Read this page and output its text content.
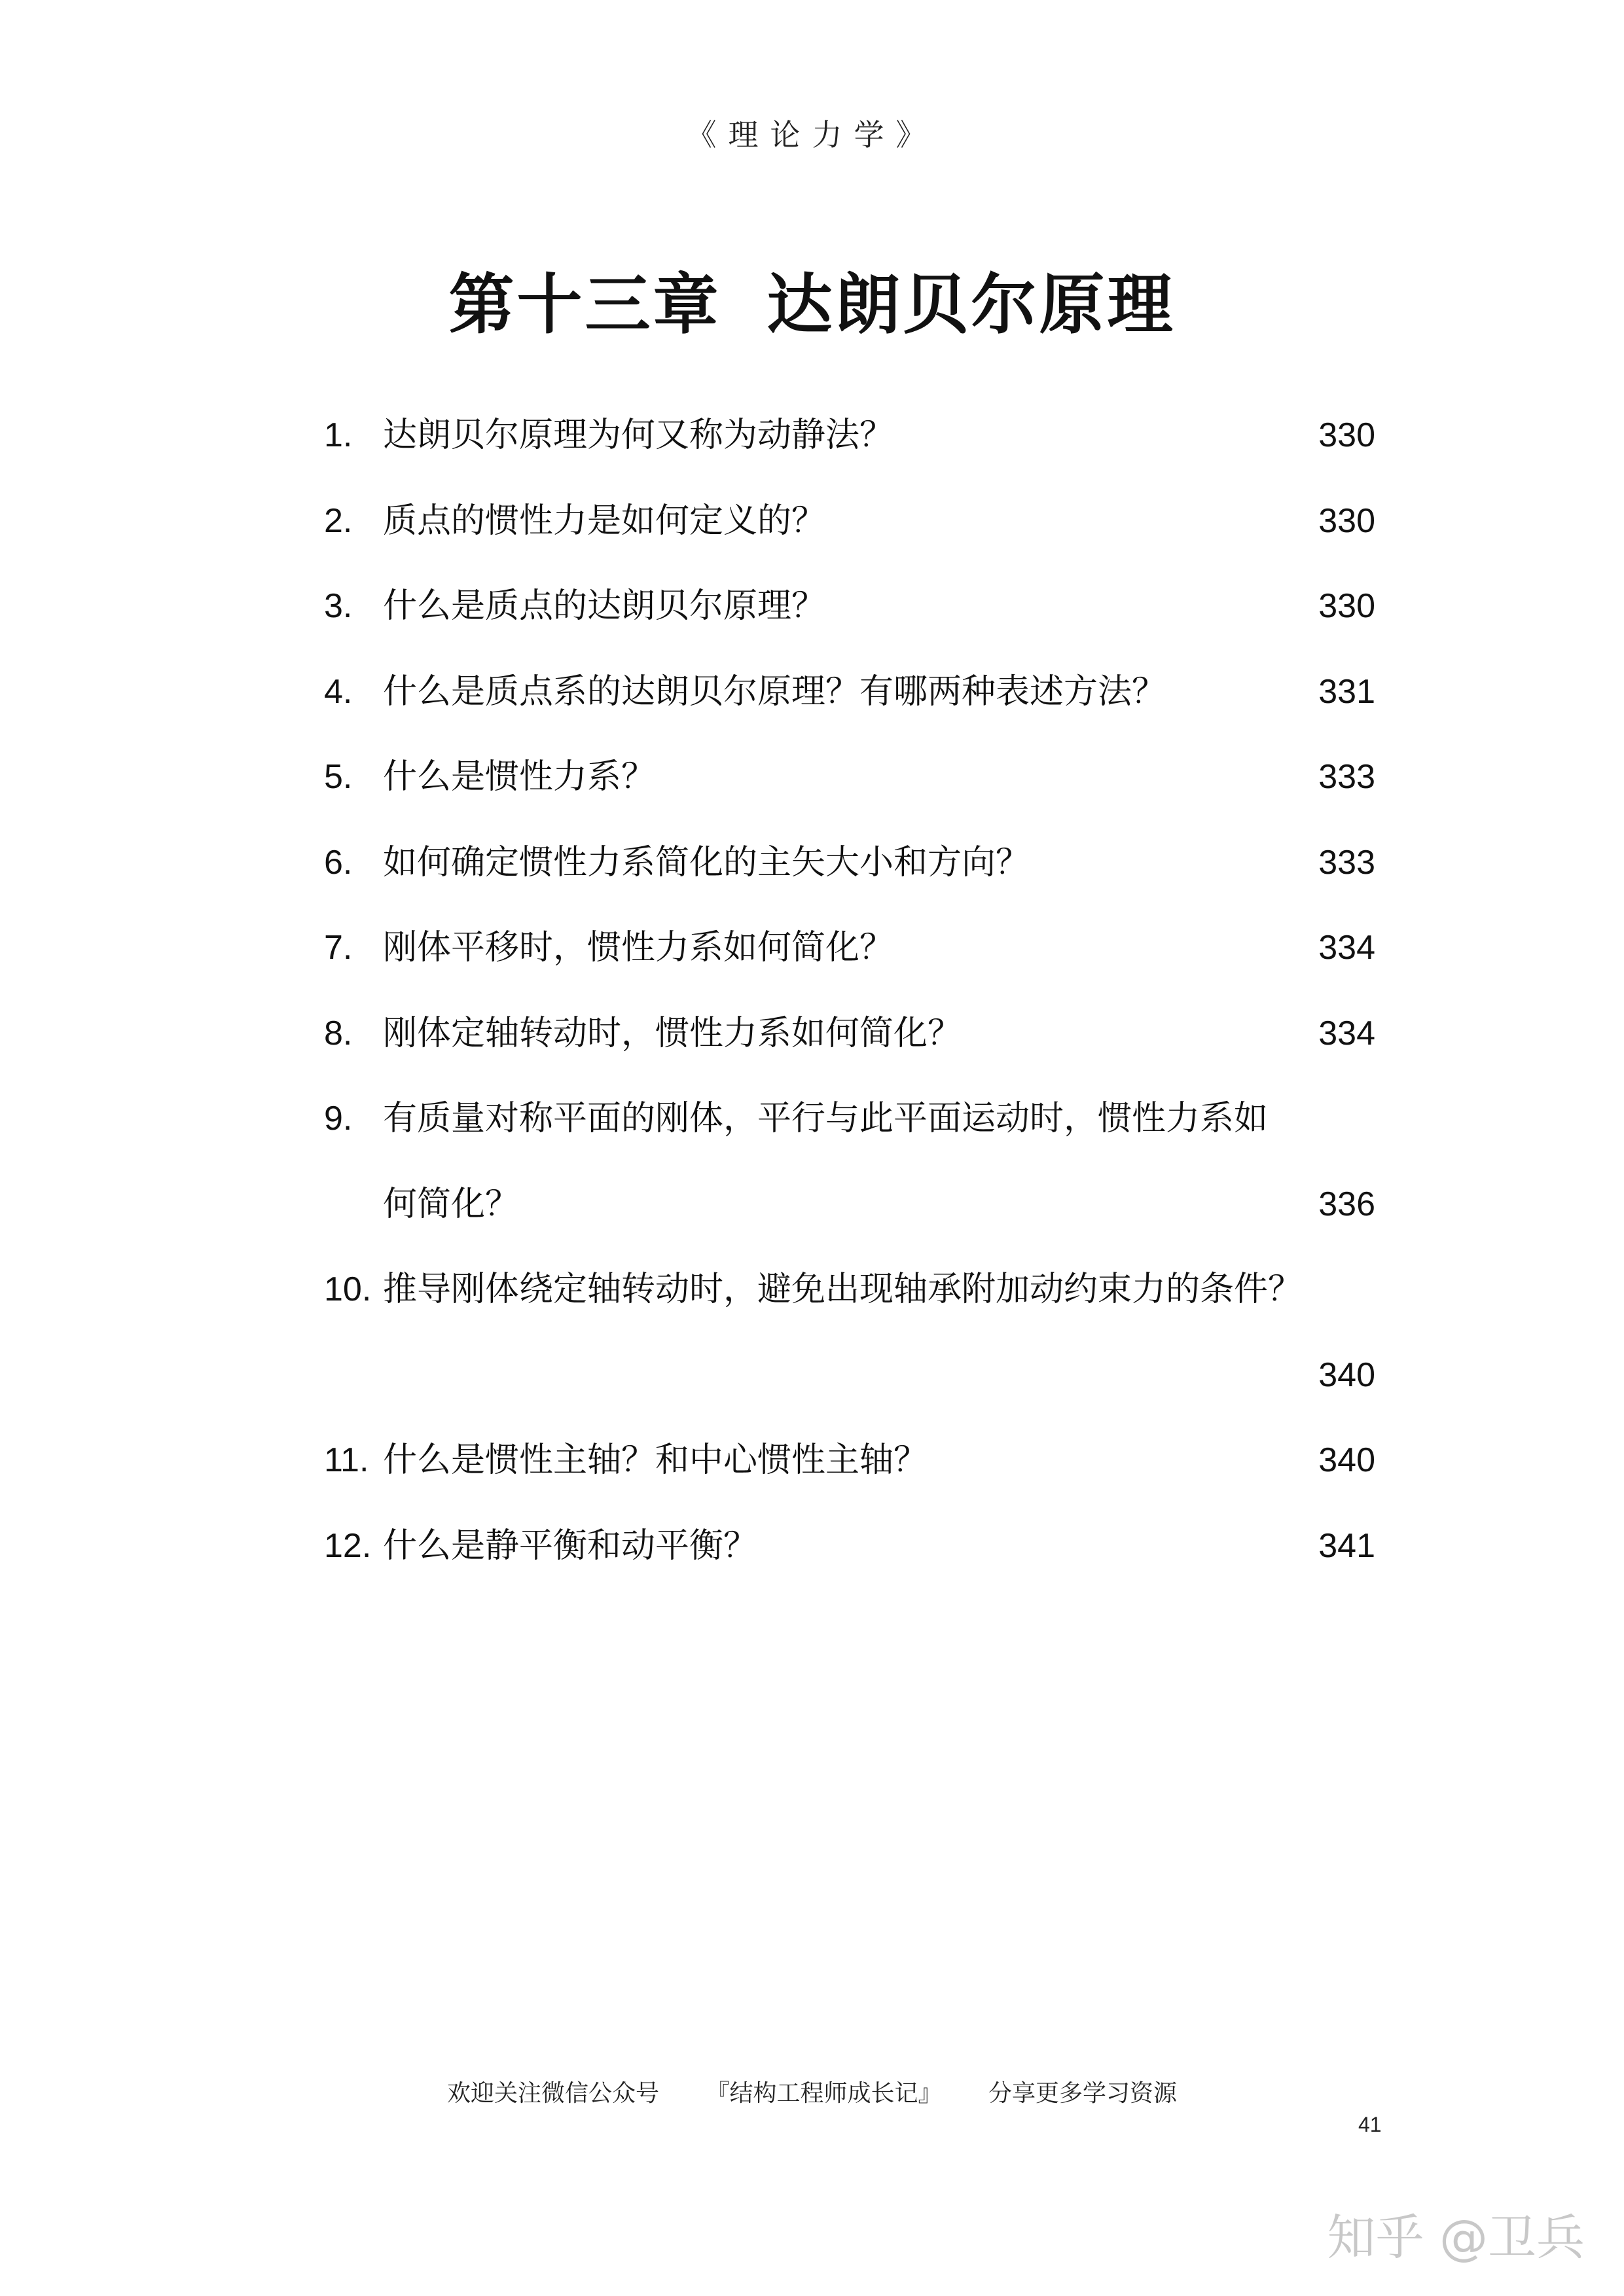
《理论力学》
第十三章 达朗贝尔原理
1. 达朗贝尔原理为何又称为动静法？	330
2. 质点的惯性力是如何定义的？	330
3. 什么是质点的达朗贝尔原理？	330
4. 什么是质点系的达朗贝尔原理？有哪两种表述方法？	331
5. 什么是惯性力系？	333
6. 如何确定惯性力系简化的主矢大小和方向？	333
7. 刚体平移时，惯性力系如何简化？	334
8. 刚体定轴转动时，惯性力系如何简化？	334
9. 有质量对称平面的刚体，平行与此平面运动时，惯性力系如
何简化？	336
10. 推导刚体绕定轴转动时，避免出现轴承附加动约束力的条件？
340
11. 什么是惯性主轴？和中心惯性主轴？	340
12. 什么是静平衡和动平衡？	341
欢迎关注微信公众号 『结构工程师成长记』 分享更多学习资源
41
知乎 @卫兵
